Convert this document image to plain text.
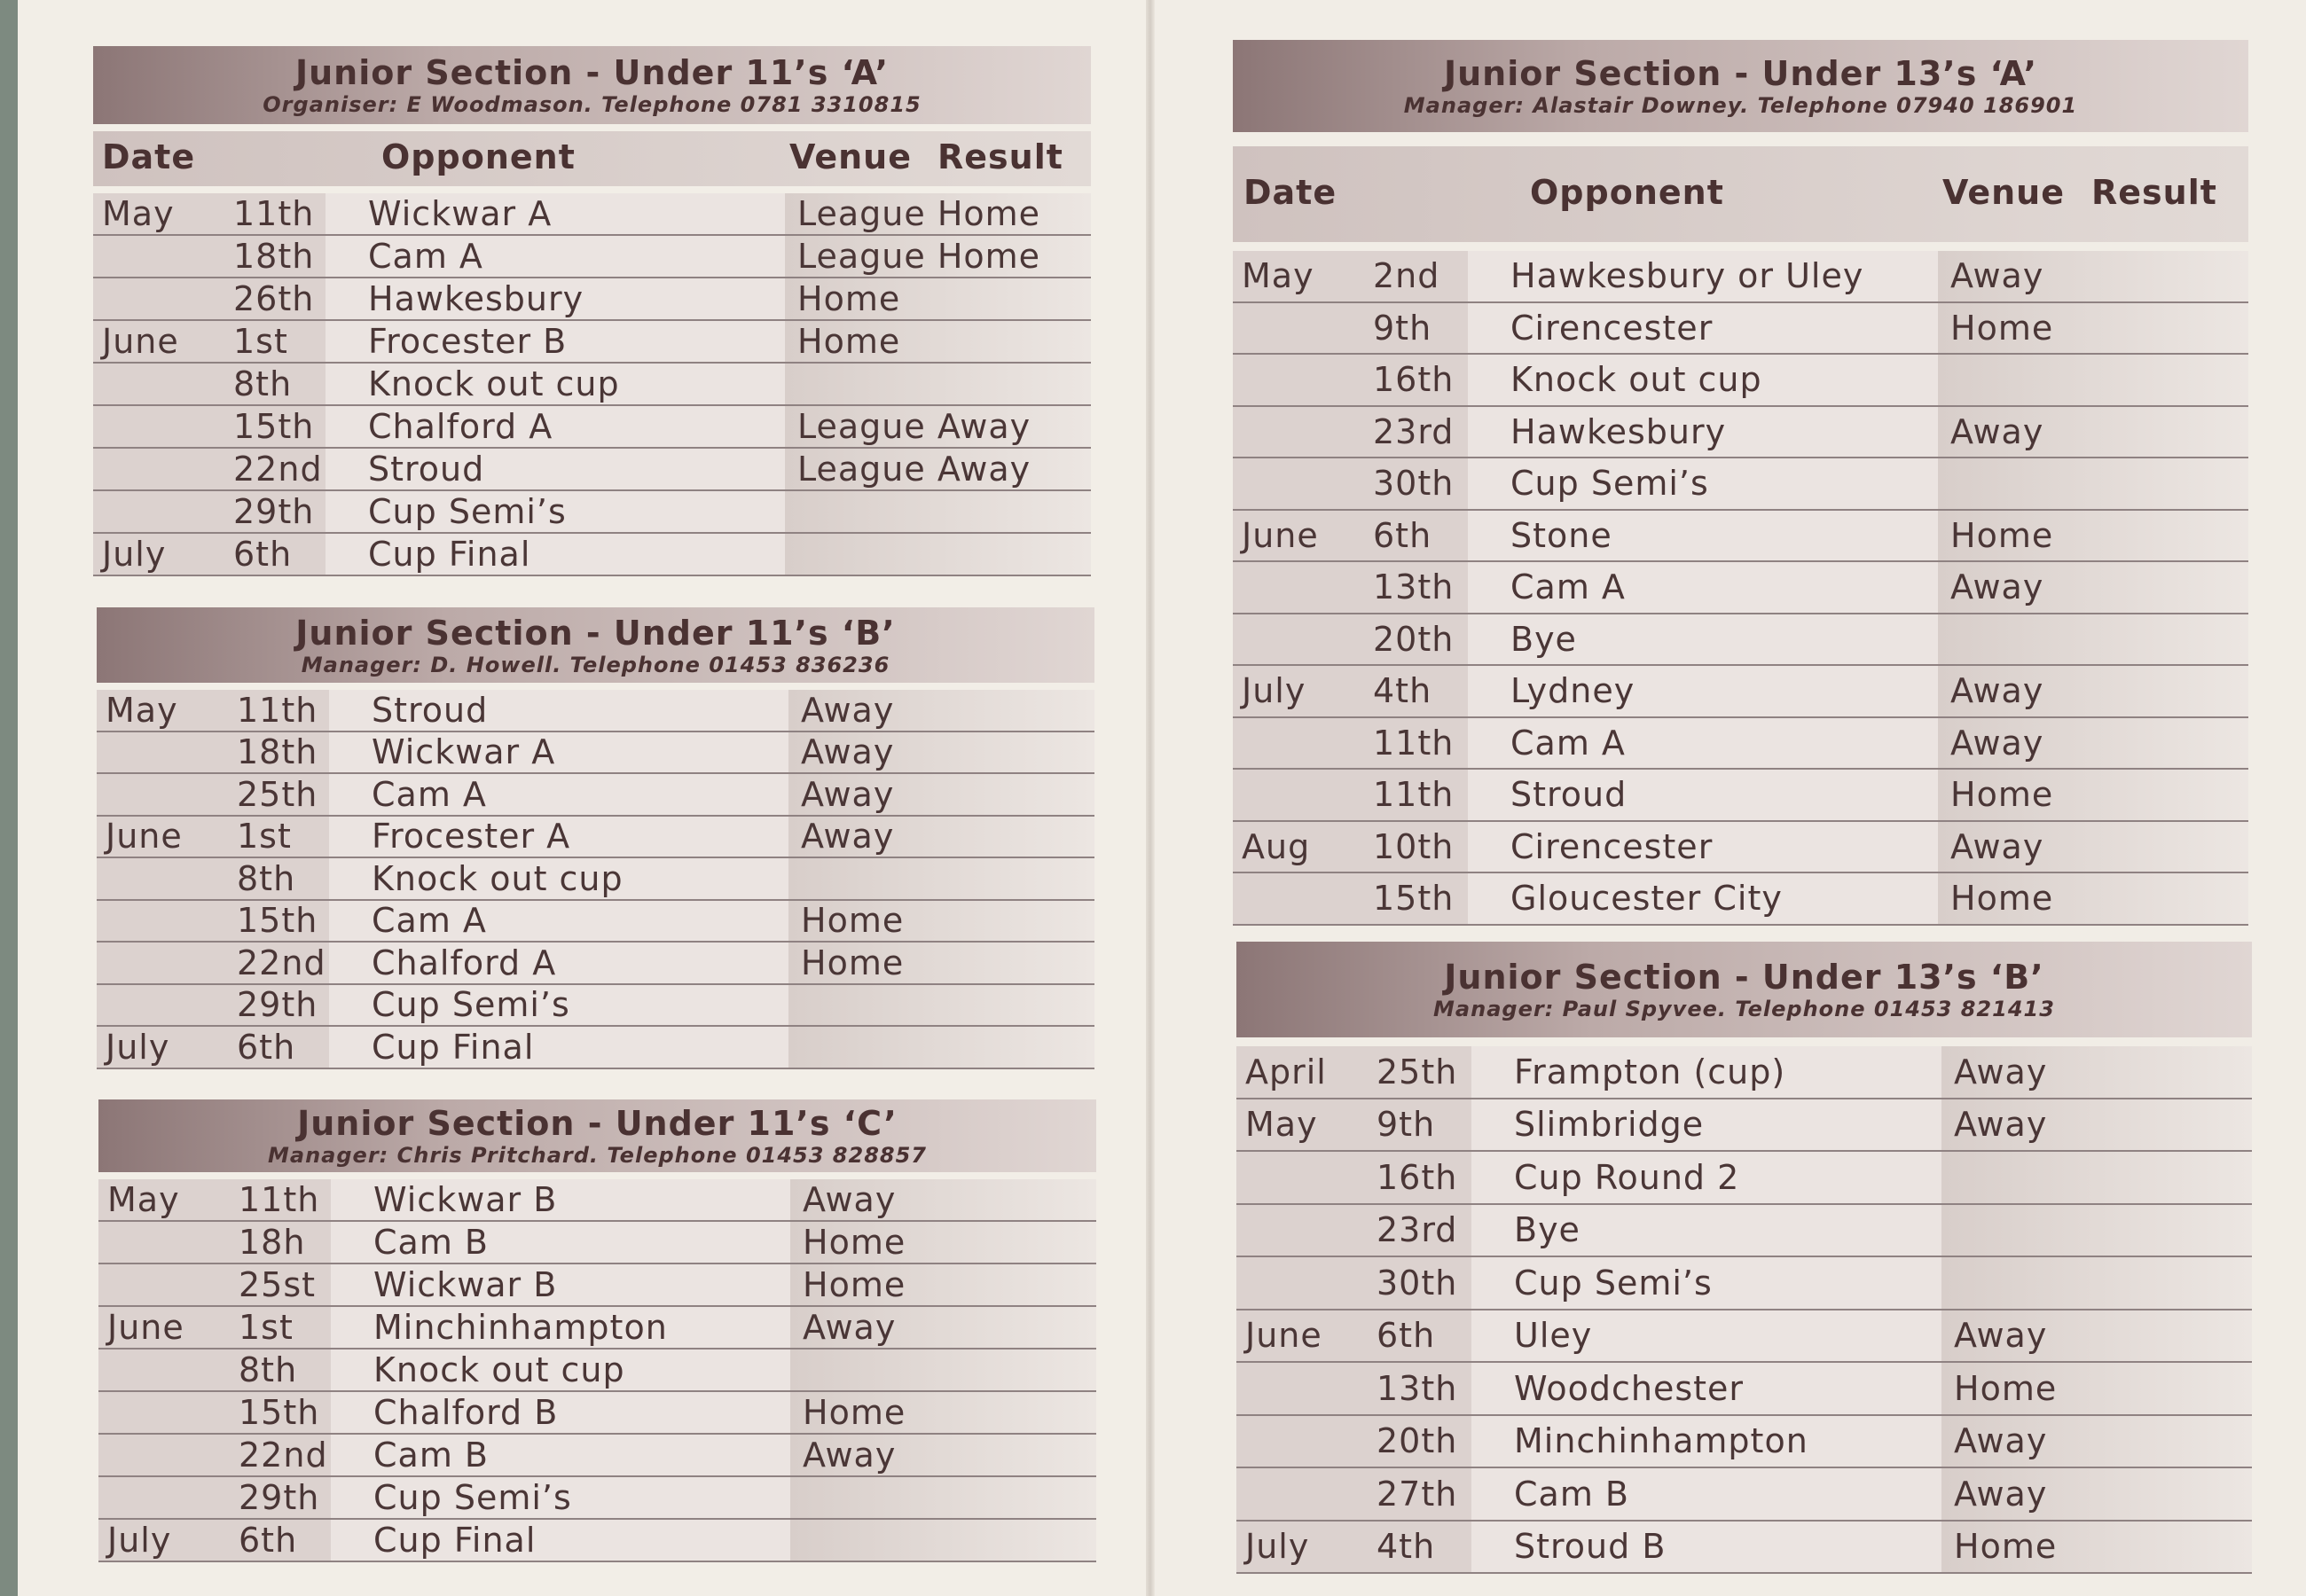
Junior Section - Under 11’s ‘A’
Organiser: E Woodmason. Telephone 0781 3310815
Date	Opponent	Venue Result
May 11th Wickwar A	League Home
18th Cam A	League Home
26th Hawkesbury	Home
June 1st Frocester B	Home
8th Knock out cup
15th Chalford A	League Away
22nd Stroud	League Away
29th Cup Semi’s
July 6th Cup Final
Junior Section - Under 11’s ‘B’
Manager: D. Howell. Telephone 01453 836236
May 11th Stroud	Away
18th Wickwar A	Away
25th Cam A	Away
June 1st Frocester A	Away
8th Knock out cup
15th Cam A	Home
22nd Chalford A	Home
29th Cup Semi’s
July 6th Cup Final
Junior Section - Under 11’s ‘C’
Manager: Chris Pritchard. Telephone 01453 828857
May 11th Wickwar B	Away
18h Cam B	Home
25st Wickwar B	Home
June 1st Minchinhampton	Away
8th Knock out cup
15th Chalford B	Home
22nd Cam B	Away
29th Cup Semi’s
July 6th Cup Final
Junior Section - Under 13’s ‘A’
Manager: Alastair Downey. Telephone 07940 186901
Date	Opponent	Venue Result
May 2nd Hawkesbury or Uley	Away
9th Cirencester	Home
16th Knock out cup
23rd Hawkesbury	Away
30th Cup Semi’s
June 6th Stone	Home
13th Cam A	Away
20th Bye
July 4th Lydney	Away
11th Cam A	Away
11th Stroud	Home
Aug 10th Cirencester	Away
15th Gloucester City	Home
Junior Section - Under 13’s ‘B’
Manager: Paul Spyvee. Telephone 01453 821413
April 25th Frampton (cup)	Away
May 9th Slimbridge	Away
16th Cup Round 2
23rd Bye
30th Cup Semi’s
June 6th Uley	Away
13th Woodchester	Home
20th Minchinhampton	Away
27th Cam B	Away
July 4th Stroud B	Home
